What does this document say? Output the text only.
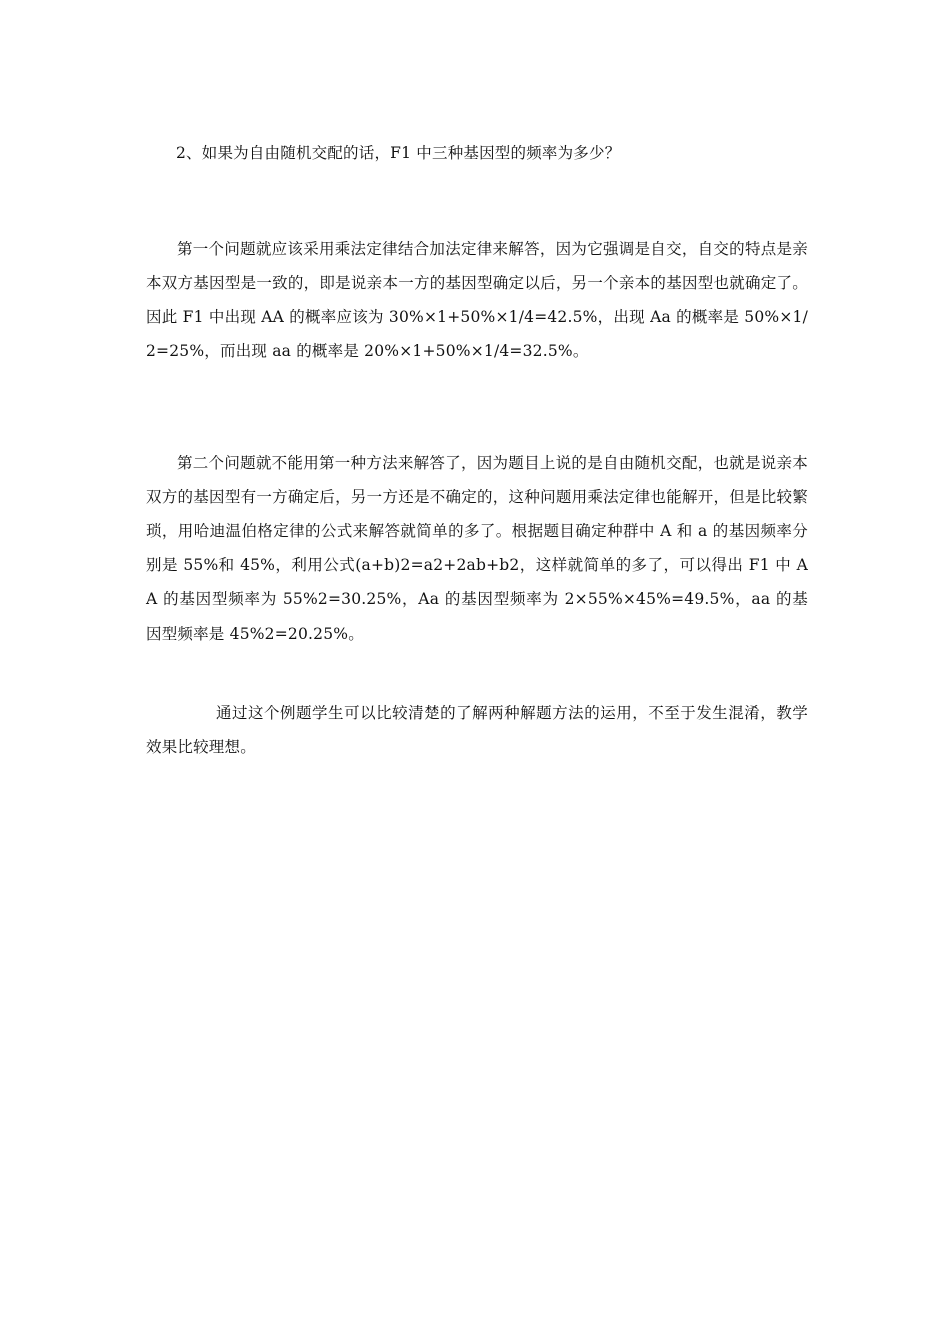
2、如果为自由随机交配的话，F1 中三种基因型的频率为多少？

第一个问题就应该采用乘法定律结合加法定律来解答，因为它强调是自交，自交的特点是亲本双方基因型是一致的，即是说亲本一方的基因型确定以后，另一个亲本的基因型也就确定了。因此 F1 中出现 AA 的概率应该为 30%×1+50%×1/4=42.5%，出现 Aa 的概率是 50%×1/2=25%，而出现 aa 的概率是 20%×1+50%×1/4=32.5%。

第二个问题就不能用第一种方法来解答了，因为题目上说的是自由随机交配，也就是说亲本双方的基因型有一方确定后，另一方还是不确定的，这种问题用乘法定律也能解开，但是比较繁琐，用哈迪温伯格定律的公式来解答就简单的多了。根据题目确定种群中 A 和 a 的基因频率分别是 55%和 45%，利用公式(a+b)2=a2+2ab+b2，这样就简单的多了，可以得出 F1 中 AA 的基因型频率为 55%2=30.25%，Aa 的基因型频率为 2×55%×45%=49.5%，aa 的基因型频率是 45%2=20.25%。

通过这个例题学生可以比较清楚的了解两种解题方法的运用，不至于发生混淆，教学效果比较理想。
